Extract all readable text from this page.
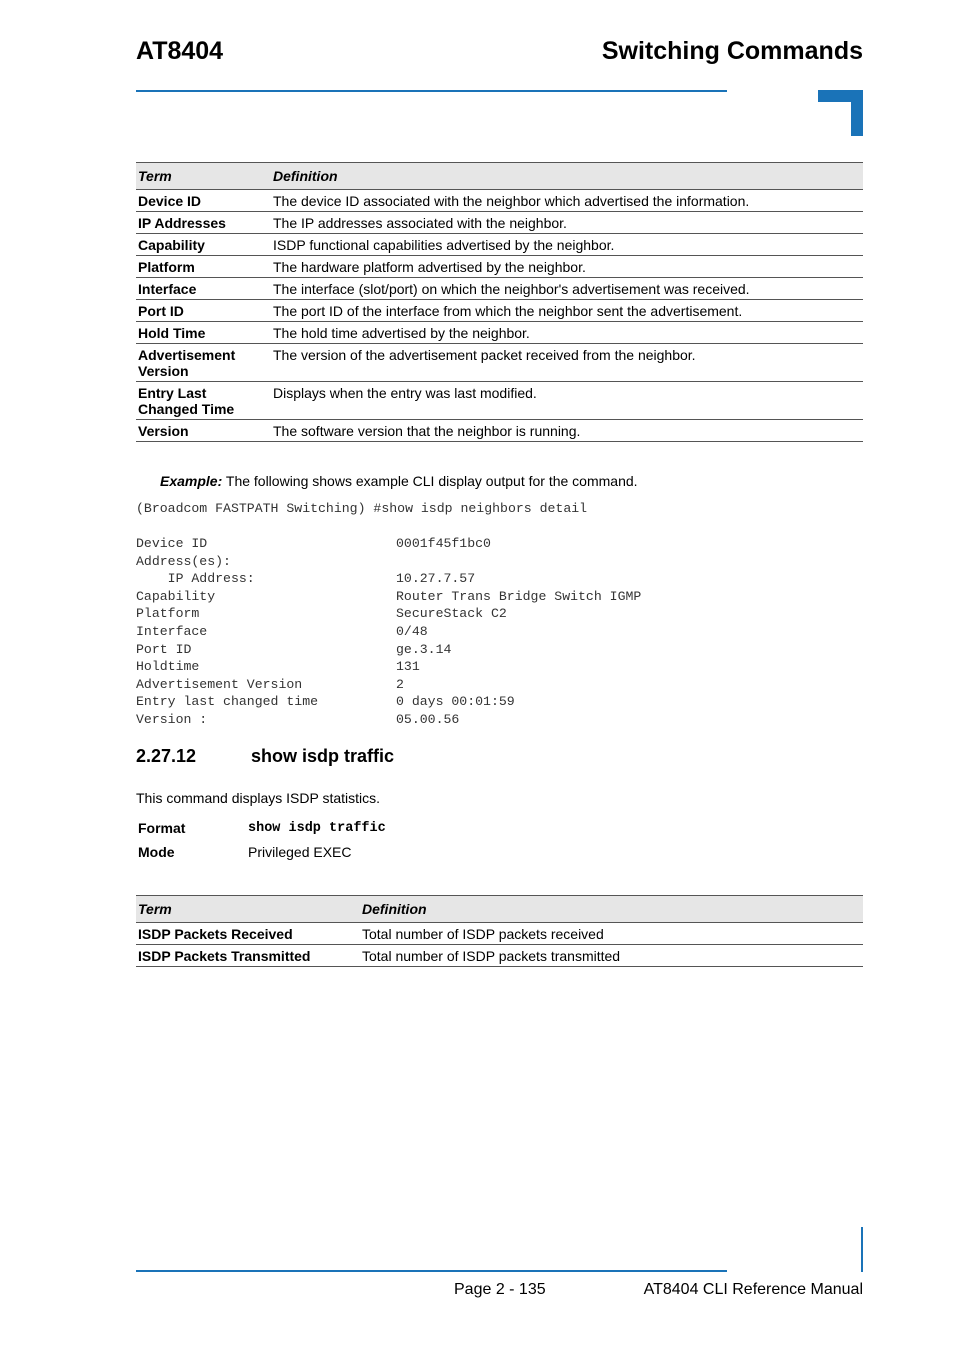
AT8404	Switching Commands
Term	Definition
Device ID	The device ID associated with the neighbor which advertised the information.
IP Addresses	The IP addresses associated with the neighbor.
Capability	ISDP functional capabilities advertised by the neighbor.
Platform	The hardware platform advertised by the neighbor.
Interface	The interface (slot/port) on which the neighbor's advertisement was received.
Port ID	The port ID of the interface from which the neighbor sent the advertisement.
Hold Time	The hold time advertised by the neighbor.
Advertisement Version	The version of the advertisement packet received from the neighbor.
Entry Last Changed Time	Displays when the entry was last modified.
Version	The software version that the neighbor is running.
Example: The following shows example CLI display output for the command.
(Broadcom FASTPATH Switching) #show isdp neighbors detail
Device ID	0001f45f1bc0
Address(es):
IP Address:	10.27.7.57
Capability	Router Trans Bridge Switch IGMP
Platform	SecureStack C2
Interface	0/48
Port ID	ge.3.14
Holdtime	131
Advertisement Version	2
Entry last changed time	0 days 00:01:59
Version :	05.00.56
2.27.12	show isdp traffic
This command displays ISDP statistics.
Format	show isdp traffic
Mode	Privileged EXEC
Term	Definition
ISDP Packets Received	Total number of ISDP packets received
ISDP Packets Transmitted	Total number of ISDP packets transmitted
Page 2 - 135	AT8404 CLI Reference Manual
